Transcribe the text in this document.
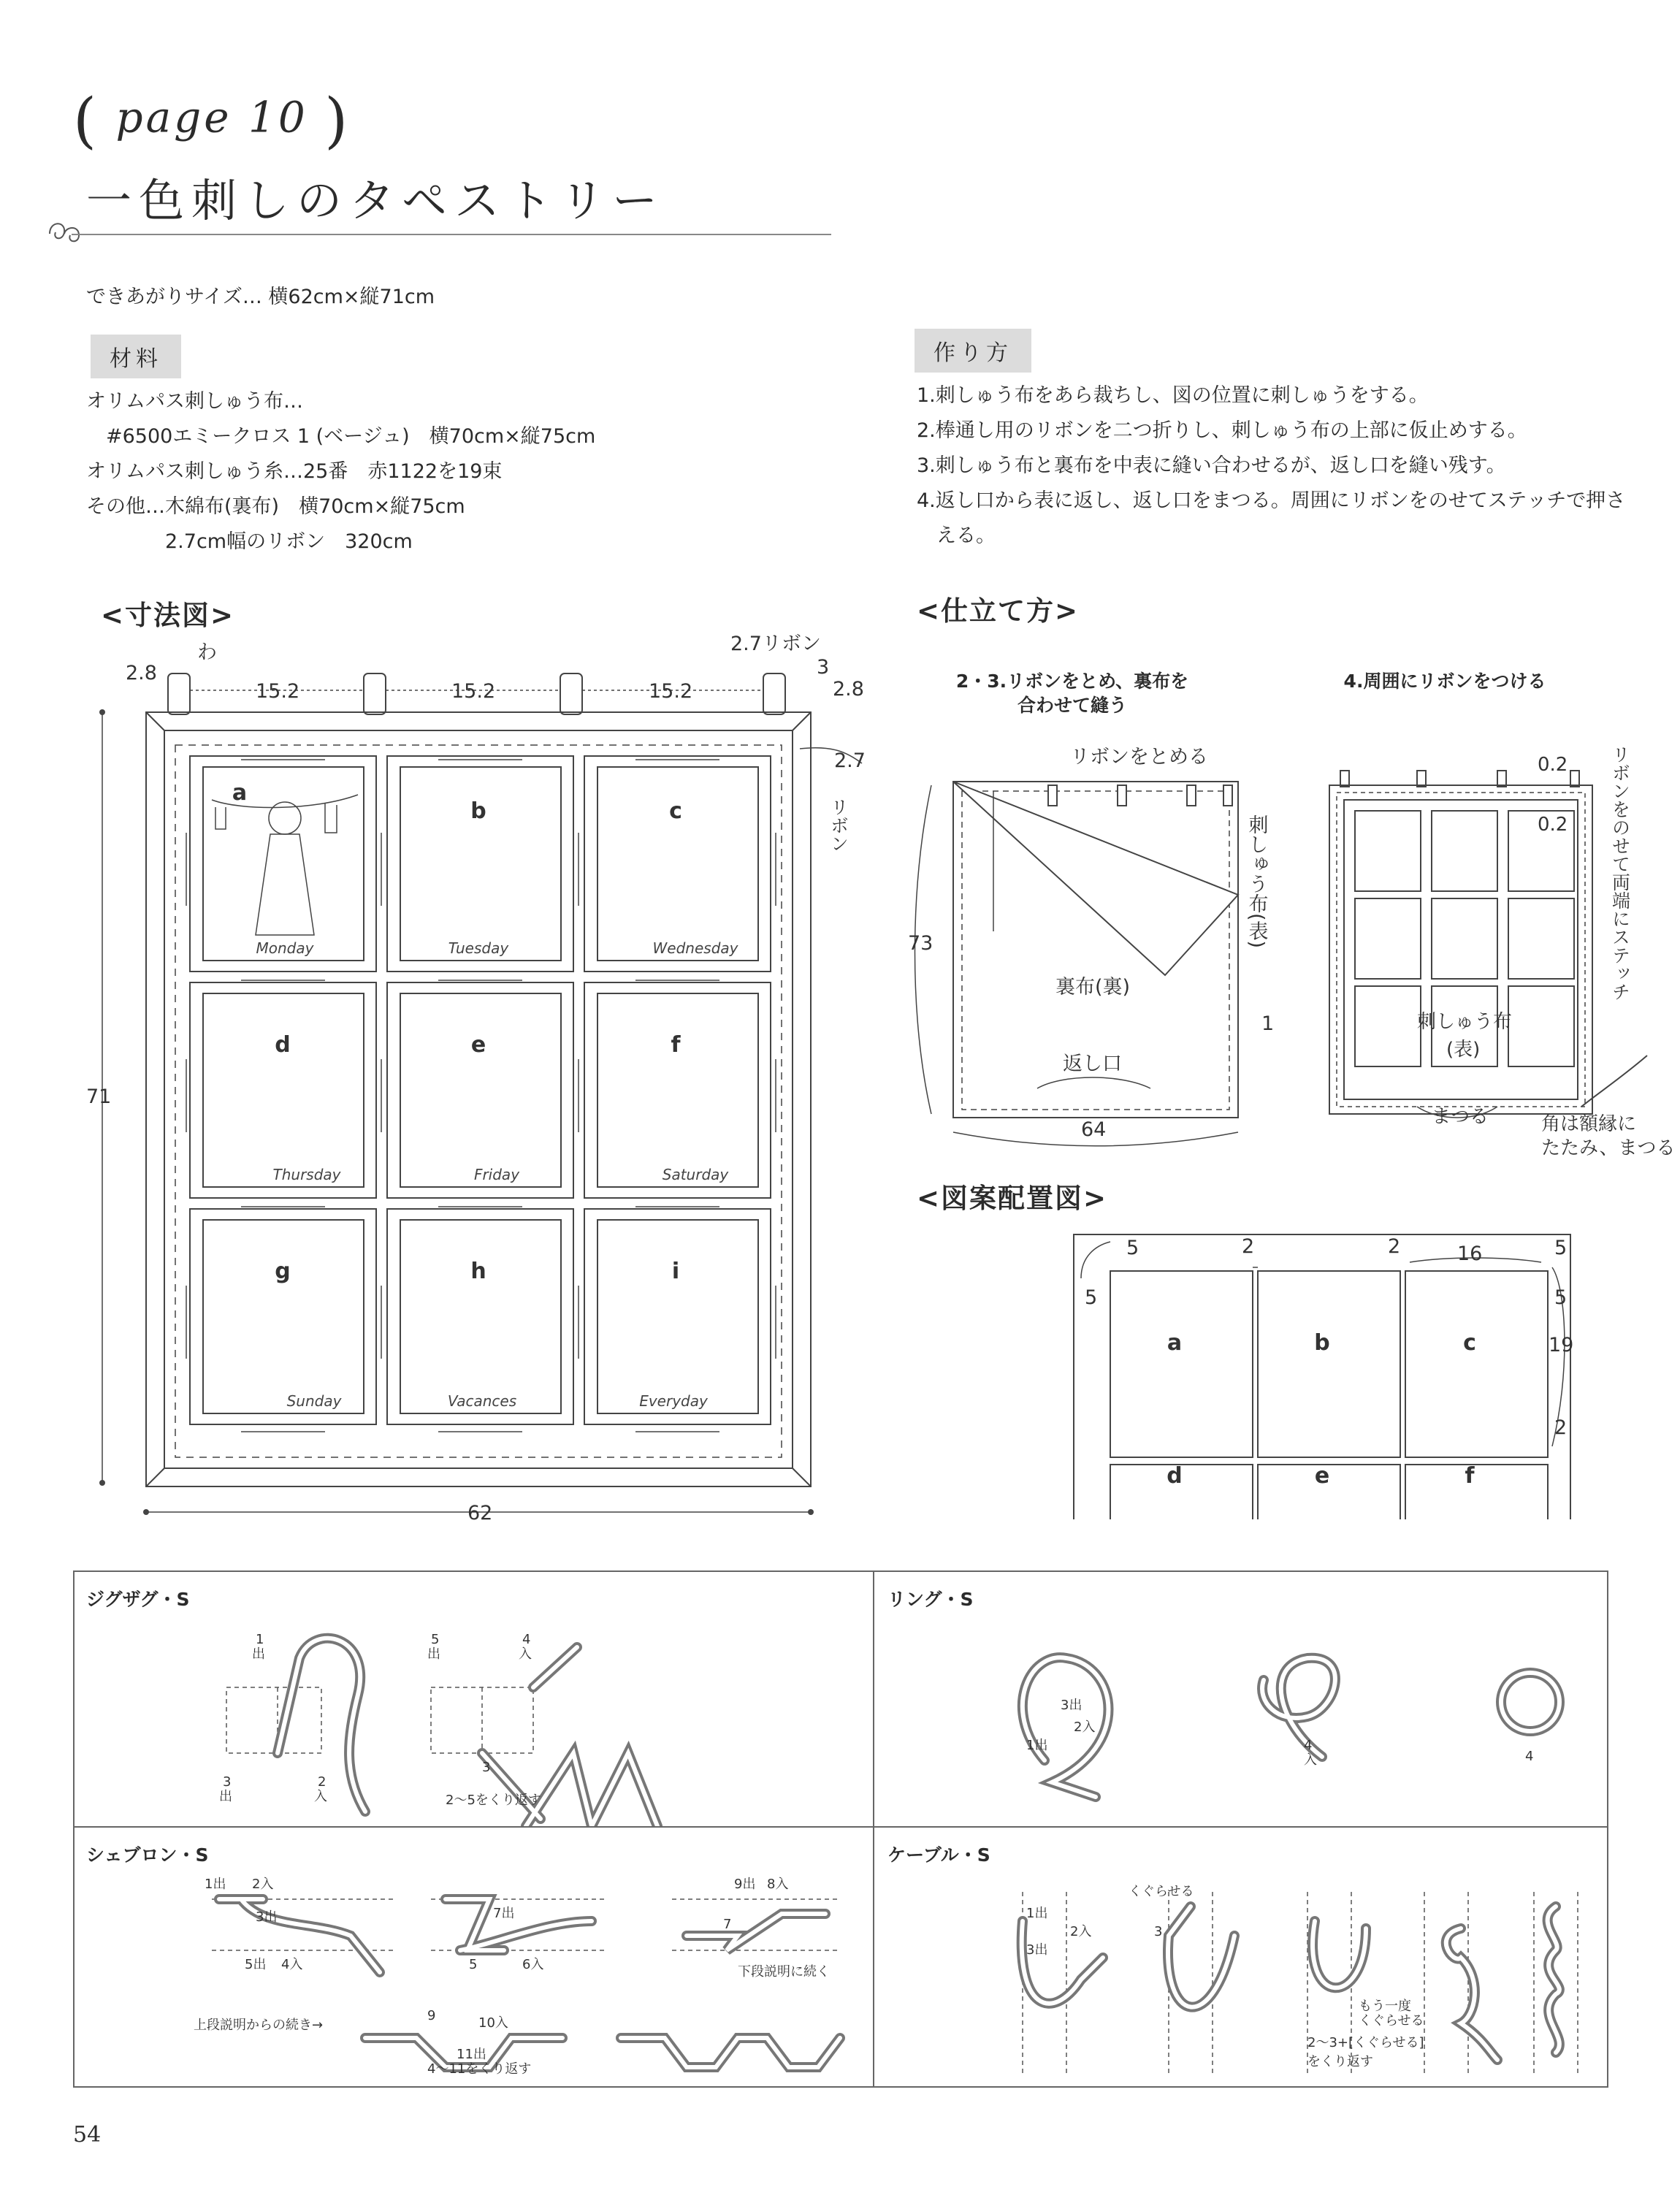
( page 10 )
一色刺しのタペストリー
できあがりサイズ… 横62cm×縦71cm
材料
オリムパス刺しゅう布…
　#6500エミークロス 1 (ベージュ)　横70cm×縦75cm
オリムパス刺しゅう糸…25番　赤1122を19束
その他…木綿布(裏布)　横70cm×縦75cm
　　　　2.7cm幅のリボン　320cm
作り方
1.刺しゅう布をあら裁ちし、図の位置に刺しゅうをする。
2.棒通し用のリボンを二つ折りし、刺しゅう布の上部に仮止めする。
3.刺しゅう布と裏布を中表に縫い合わせるが、返し口を縫い残す。
4.返し口から表に返し、返し口をまつる。周囲にリボンをのせてステッチで押さ
　える。
<寸法図>
2.8
わ
15.2	15.2	15.2
2.7リボン
3
2.8
2.7
リボン
71
62
a
b	c
d	e	f
g	h	i
Monday	Tuesday	Wednesday
Thursday	Friday	Saturday
Sunday	Vacances	Everyday
<仕立て方>
2・3.リボンをとめ、裏布を
合わせて縫う
4.周囲にリボンをつける
リボンをとめる
刺しゅう布(表)
裏布(裏)
返し口
73
64
1
0.2
0.2 リボンをのせて両端にステッチ
刺しゅう布
(表)
まつる	角は額縁に
たたみ、まつる
<図案配置図>
5
5
2	2	16	5
5
19
2
a	b	c
d	e	f
ジグザグ・S
1
出
2
入
3
出
4
入
5
出
3
2〜5をくり返す
リング・S
3出
2入
1出	4
入	4
シェブロン・S
1出 2入
3出
5出 4入
7出
5	6入
9出 8入
7
下段説明に続く
上段説明からの続き→
9	10入
11出
4〜11をくり返す
ケーブル・S
1出
2入
3出
くぐらせる
3
もう一度
くぐらせる
2〜3+[くぐらせる]
をくり返す
54
